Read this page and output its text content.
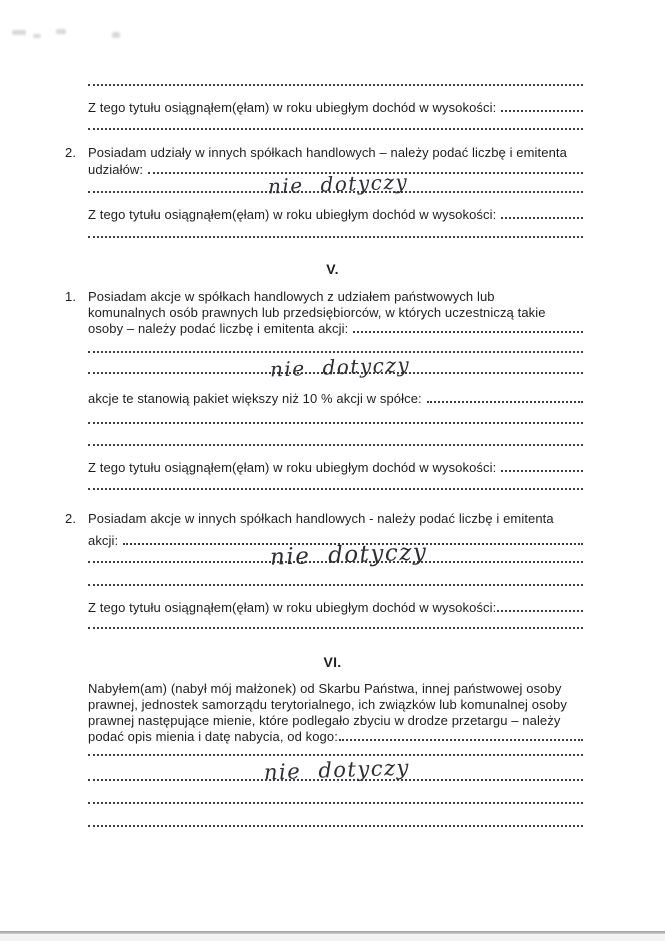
Z tego tytułu osiągnąłem(ęłam) w roku ubiegłym dochód w wysokości:
2. Posiadam udziały w innych spółkach handlowych – należy podać liczbę i emitenta
udziałów:
nie dotyczy
Z tego tytułu osiągnąłem(ęłam) w roku ubiegłym dochód w wysokości:
V.
1. Posiadam akcje w spółkach handlowych z udziałem państwowych lub
komunalnych osób prawnych lub przedsiębiorców, w których uczestniczą takie
osoby – należy podać liczbę i emitenta akcji:
nie dotyczy
akcje te stanowią pakiet większy niż 10 % akcji w spółce:
Z tego tytułu osiągnąłem(ęłam) w roku ubiegłym dochód w wysokości:
2. Posiadam akcje w innych spółkach handlowych - należy podać liczbę i emitenta
akcji:	nie dotyczy
Z tego tytułu osiągnąłem(ęłam) w roku ubiegłym dochód w wysokości:
VI.
Nabyłem(am) (nabył mój małżonek) od Skarbu Państwa, innej państwowej osoby
prawnej, jednostek samorządu terytorialnego, ich związków lub komunalnej osoby
prawnej następujące mienie, które podlegało zbyciu w drodze przetargu – należy
podać opis mienia i datę nabycia, od kogo:
nie dotyczy
